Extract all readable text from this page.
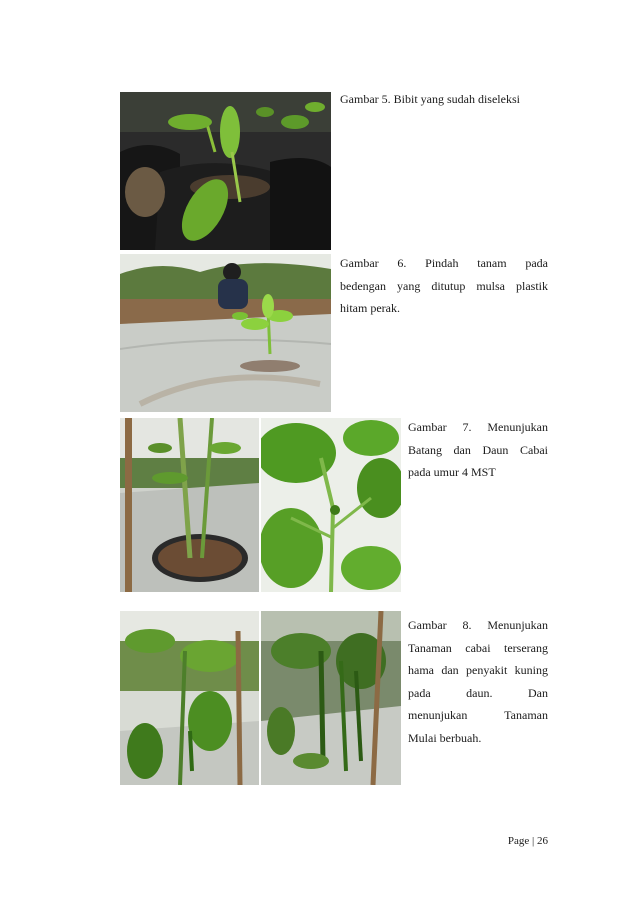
Gambar 5. Bibit yang sudah diseleksi
Gambar 6. Pindah tanam pada
bedengan yang ditutup mulsa plastik
hitam perak.
Gambar 7. Menunjukan
Batang dan Daun Cabai
pada umur 4 MST
Gambar 8. Menunjukan
Tanaman cabai terserang
hama dan penyakit kuning
pada daun. Dan
menunjukan Tanaman
Mulai berbuah.
Page | 26
